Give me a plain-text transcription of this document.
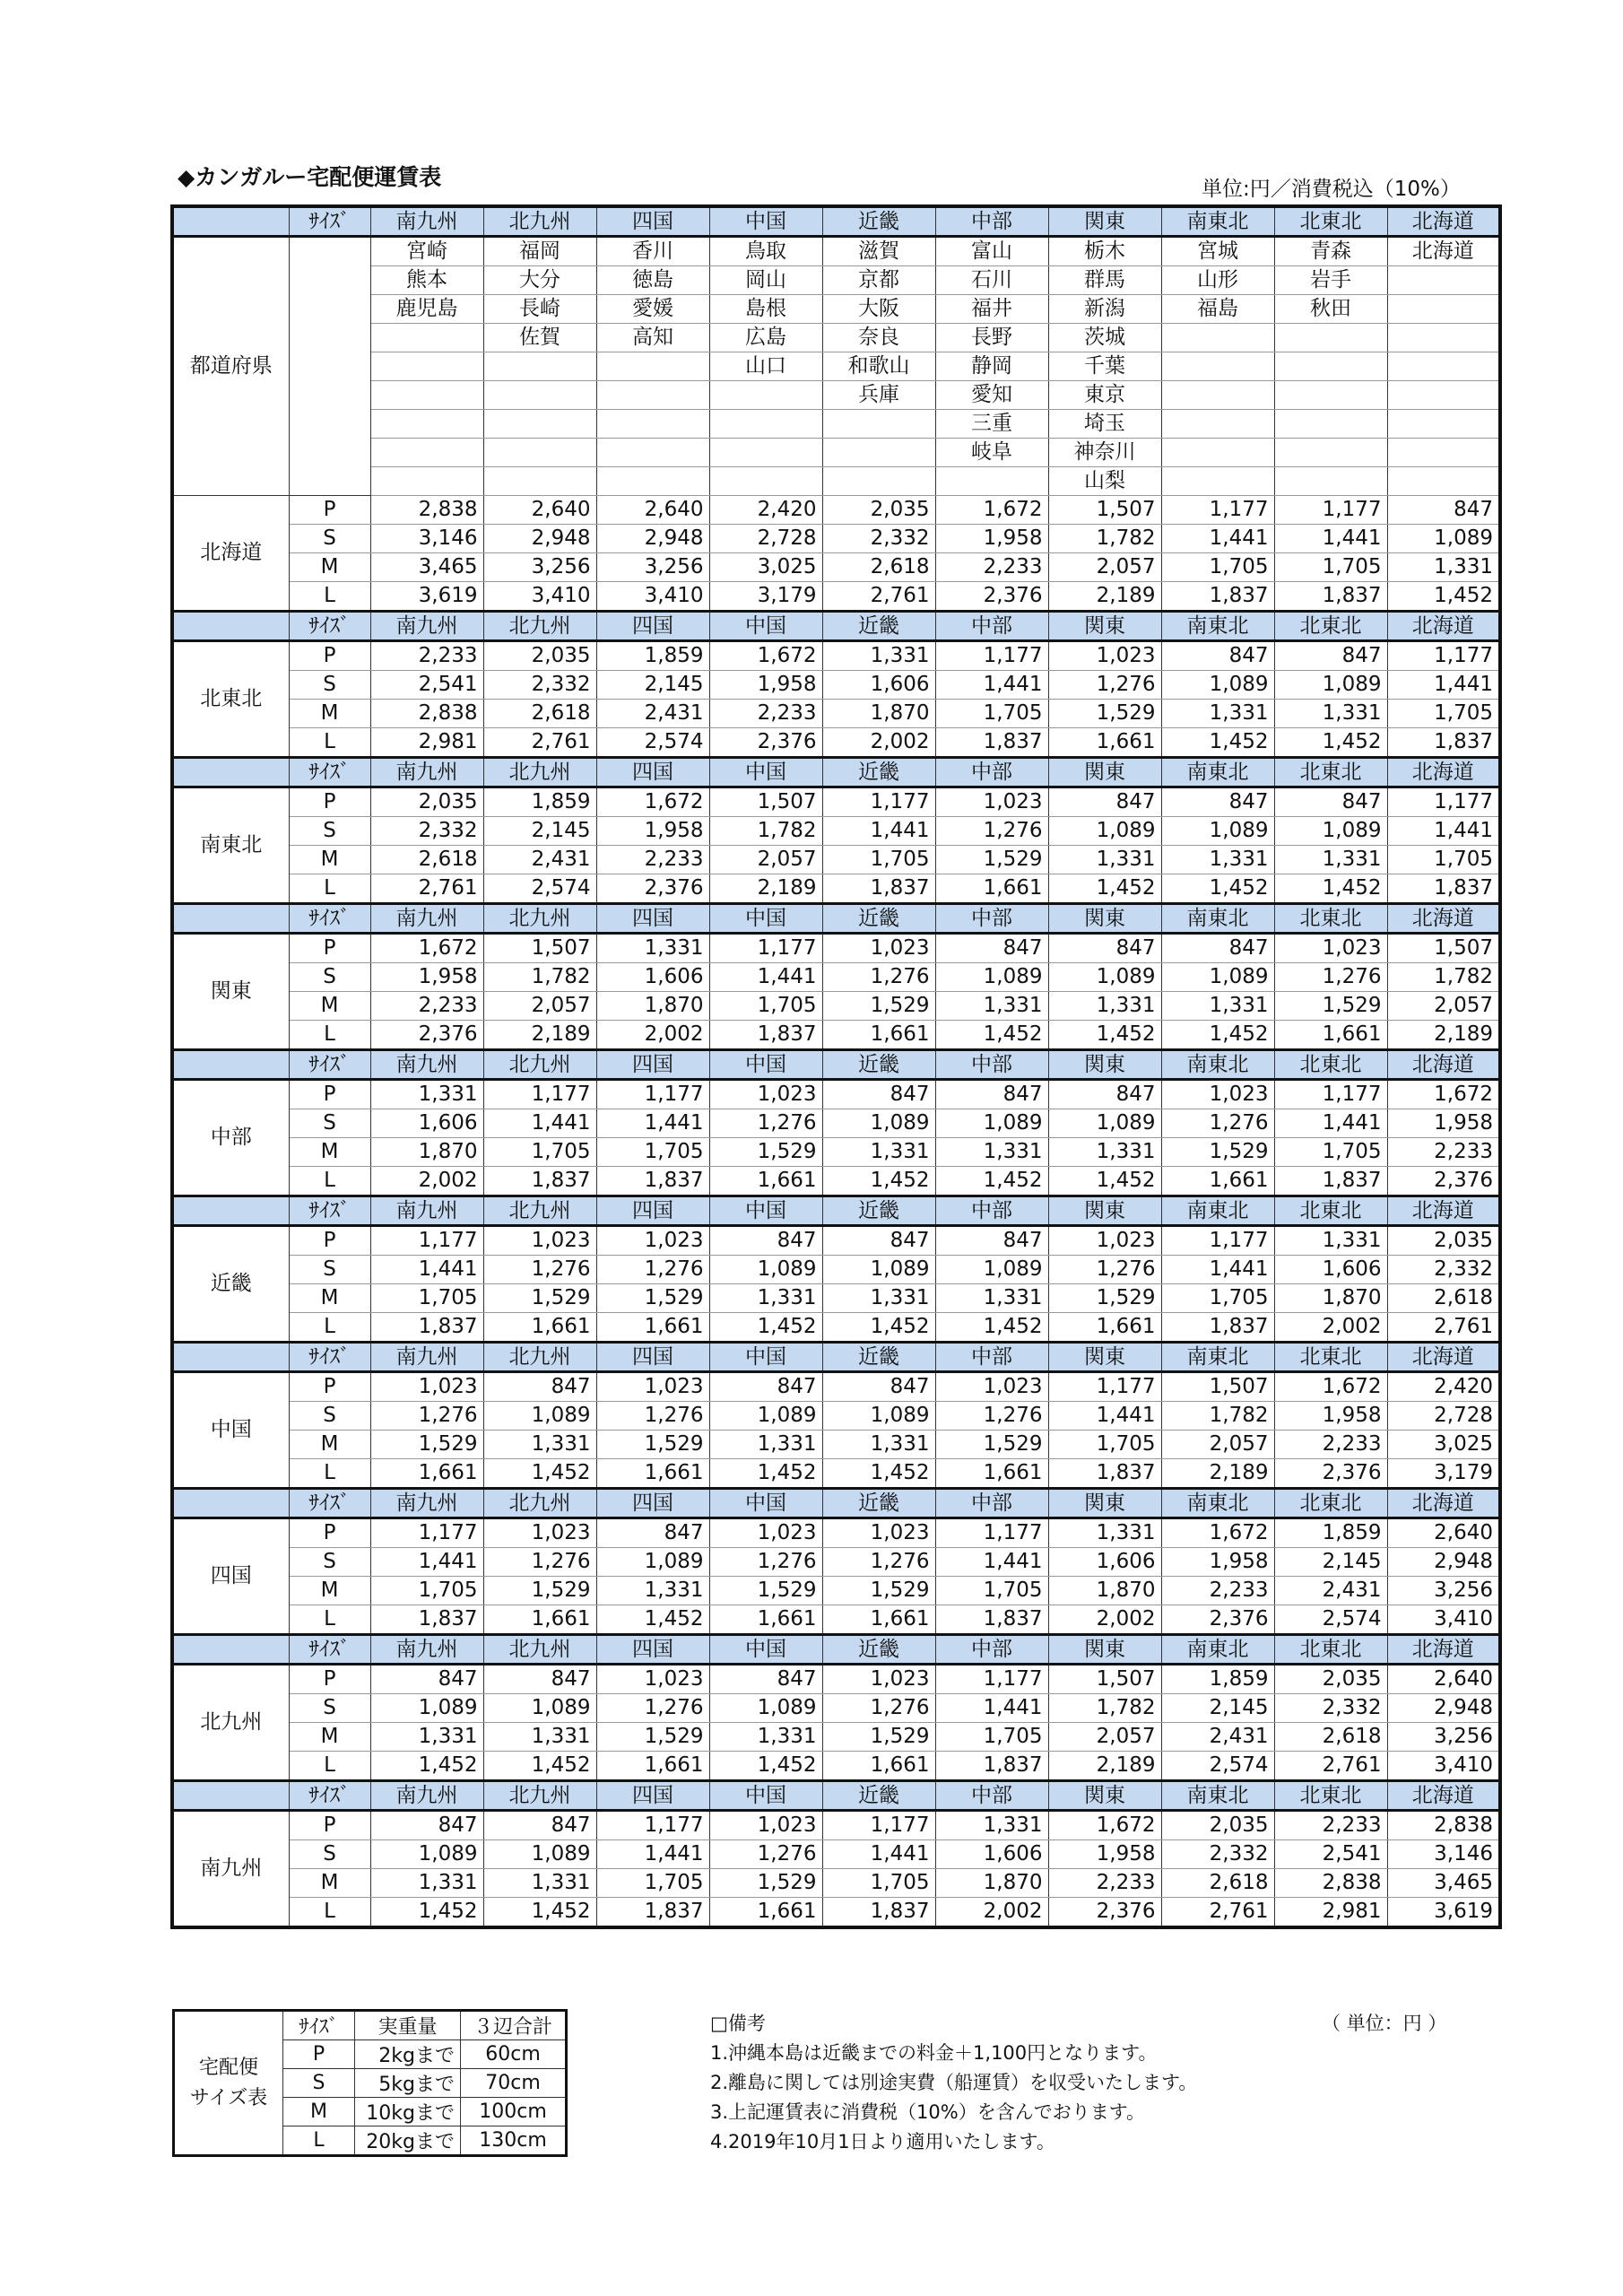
◆カンガルー宅配便運賃表	単位:円／消費税込（10%）
	ｻｲｽﾞ	南九州	北九州	四国	中国	近畿	中部	関東	南東北	北東北	北海道
都道府県		宮崎	福岡	香川	鳥取	滋賀	富山	栃木	宮城	青森	北海道
		熊本	大分	徳島	岡山	京都	石川	群馬	山形	岩手	
		鹿児島	長崎	愛媛	島根	大阪	福井	新潟	福島	秋田	
			佐賀	高知	広島	奈良	長野	茨城			
					山口	和歌山	静岡	千葉			
						兵庫	愛知	東京			
							三重	埼玉			
							岐阜	神奈川			
								山梨			
北海道	P	2,838	2,640	2,640	2,420	2,035	1,672	1,507	1,177	1,177	847
	S	3,146	2,948	2,948	2,728	2,332	1,958	1,782	1,441	1,441	1,089
	M	3,465	3,256	3,256	3,025	2,618	2,233	2,057	1,705	1,705	1,331
	L	3,619	3,410	3,410	3,179	2,761	2,376	2,189	1,837	1,837	1,452
	ｻｲｽﾞ	南九州	北九州	四国	中国	近畿	中部	関東	南東北	北東北	北海道
北東北	P	2,233	2,035	1,859	1,672	1,331	1,177	1,023	847	847	1,177
	S	2,541	2,332	2,145	1,958	1,606	1,441	1,276	1,089	1,089	1,441
	M	2,838	2,618	2,431	2,233	1,870	1,705	1,529	1,331	1,331	1,705
	L	2,981	2,761	2,574	2,376	2,002	1,837	1,661	1,452	1,452	1,837
	ｻｲｽﾞ	南九州	北九州	四国	中国	近畿	中部	関東	南東北	北東北	北海道
南東北	P	2,035	1,859	1,672	1,507	1,177	1,023	847	847	847	1,177
	S	2,332	2,145	1,958	1,782	1,441	1,276	1,089	1,089	1,089	1,441
	M	2,618	2,431	2,233	2,057	1,705	1,529	1,331	1,331	1,331	1,705
	L	2,761	2,574	2,376	2,189	1,837	1,661	1,452	1,452	1,452	1,837
	ｻｲｽﾞ	南九州	北九州	四国	中国	近畿	中部	関東	南東北	北東北	北海道
関東	P	1,672	1,507	1,331	1,177	1,023	847	847	847	1,023	1,507
	S	1,958	1,782	1,606	1,441	1,276	1,089	1,089	1,089	1,276	1,782
	M	2,233	2,057	1,870	1,705	1,529	1,331	1,331	1,331	1,529	2,057
	L	2,376	2,189	2,002	1,837	1,661	1,452	1,452	1,452	1,661	2,189
	ｻｲｽﾞ	南九州	北九州	四国	中国	近畿	中部	関東	南東北	北東北	北海道
中部	P	1,331	1,177	1,177	1,023	847	847	847	1,023	1,177	1,672
	S	1,606	1,441	1,441	1,276	1,089	1,089	1,089	1,276	1,441	1,958
	M	1,870	1,705	1,705	1,529	1,331	1,331	1,331	1,529	1,705	2,233
	L	2,002	1,837	1,837	1,661	1,452	1,452	1,452	1,661	1,837	2,376
	ｻｲｽﾞ	南九州	北九州	四国	中国	近畿	中部	関東	南東北	北東北	北海道
近畿	P	1,177	1,023	1,023	847	847	847	1,023	1,177	1,331	2,035
	S	1,441	1,276	1,276	1,089	1,089	1,089	1,276	1,441	1,606	2,332
	M	1,705	1,529	1,529	1,331	1,331	1,331	1,529	1,705	1,870	2,618
	L	1,837	1,661	1,661	1,452	1,452	1,452	1,661	1,837	2,002	2,761
	ｻｲｽﾞ	南九州	北九州	四国	中国	近畿	中部	関東	南東北	北東北	北海道
中国	P	1,023	847	1,023	847	847	1,023	1,177	1,507	1,672	2,420
	S	1,276	1,089	1,276	1,089	1,089	1,276	1,441	1,782	1,958	2,728
	M	1,529	1,331	1,529	1,331	1,331	1,529	1,705	2,057	2,233	3,025
	L	1,661	1,452	1,661	1,452	1,452	1,661	1,837	2,189	2,376	3,179
	ｻｲｽﾞ	南九州	北九州	四国	中国	近畿	中部	関東	南東北	北東北	北海道
四国	P	1,177	1,023	847	1,023	1,023	1,177	1,331	1,672	1,859	2,640
	S	1,441	1,276	1,089	1,276	1,276	1,441	1,606	1,958	2,145	2,948
	M	1,705	1,529	1,331	1,529	1,529	1,705	1,870	2,233	2,431	3,256
	L	1,837	1,661	1,452	1,661	1,661	1,837	2,002	2,376	2,574	3,410
	ｻｲｽﾞ	南九州	北九州	四国	中国	近畿	中部	関東	南東北	北東北	北海道
北九州	P	847	847	1,023	847	1,023	1,177	1,507	1,859	2,035	2,640
	S	1,089	1,089	1,276	1,089	1,276	1,441	1,782	2,145	2,332	2,948
	M	1,331	1,331	1,529	1,331	1,529	1,705	2,057	2,431	2,618	3,256
	L	1,452	1,452	1,661	1,452	1,661	1,837	2,189	2,574	2,761	3,410
	ｻｲｽﾞ	南九州	北九州	四国	中国	近畿	中部	関東	南東北	北東北	北海道
南九州	P	847	847	1,177	1,023	1,177	1,331	1,672	2,035	2,233	2,838
	S	1,089	1,089	1,441	1,276	1,441	1,606	1,958	2,332	2,541	3,146
	M	1,331	1,331	1,705	1,529	1,705	1,870	2,233	2,618	2,838	3,465
	L	1,452	1,452	1,837	1,661	1,837	2,002	2,376	2,761	2,981	3,619
宅配便
サイズ表	ｻｲｽﾞ	実重量	３辺合計
	P	2kgまで	60cm
	S	5kgまで	70cm
	M	10kgまで	100cm
	L	20kgまで	130cm
□備考
1.沖縄本島は近畿までの料金＋1,100円となります。
2.離島に関しては別途実費（船運賃）を収受いたします。
3.上記運賃表に消費税（10%）を含んでおります。
4.2019年10月1日より適用いたします。
（ 単位：円 ）
